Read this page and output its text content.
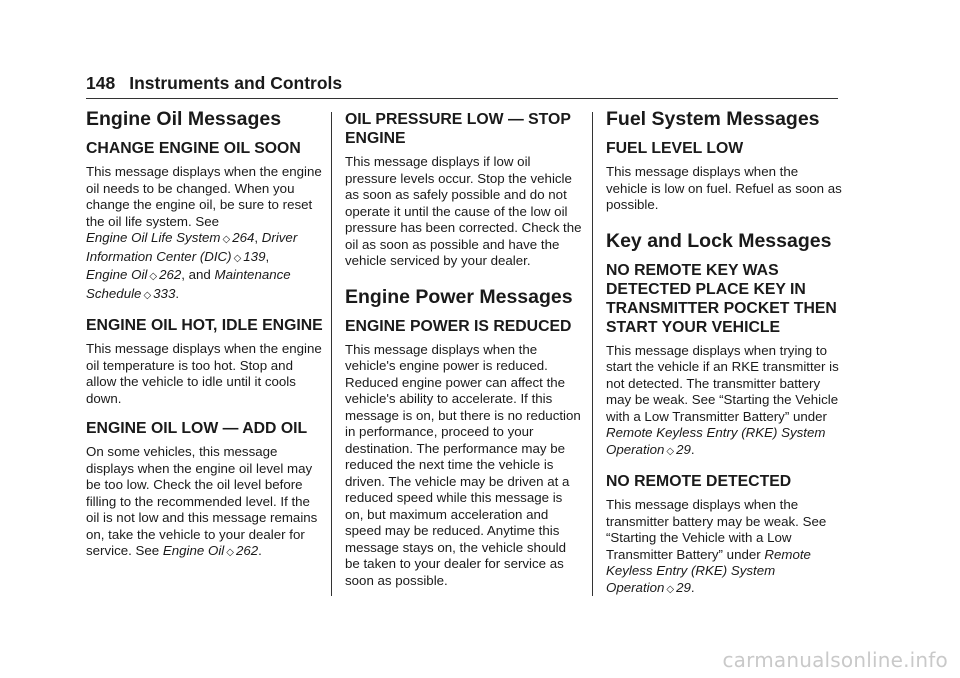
148 Instruments and Controls
Engine Oil Messages
CHANGE ENGINE OIL SOON

This message displays when the engine oil needs to be changed. When you change the engine oil, be sure to reset the oil life system. See
Engine Oil Life System ◇ 264, Driver Information Center (DIC) ◇ 139,
Engine Oil ◇ 262, and Maintenance Schedule ◇ 333.

ENGINE OIL HOT, IDLE ENGINE

This message displays when the engine oil temperature is too hot. Stop and allow the vehicle to idle until it cools down.

ENGINE OIL LOW — ADD OIL

On some vehicles, this message displays when the engine oil level may be too low. Check the oil level before filling to the recommended level. If the oil is not low and this message remains on, take the vehicle to your dealer for service. See Engine Oil ◇ 262.

OIL PRESSURE LOW — STOP ENGINE

This message displays if low oil pressure levels occur. Stop the vehicle as soon as safely possible and do not operate it until the cause of the low oil pressure has been corrected. Check the oil as soon as possible and have the vehicle serviced by your dealer.

Engine Power Messages
ENGINE POWER IS REDUCED

This message displays when the vehicle's engine power is reduced. Reduced engine power can affect the vehicle's ability to accelerate. If this message is on, but there is no reduction in performance, proceed to your destination. The performance may be reduced the next time the vehicle is driven. The vehicle may be driven at a reduced speed while this message is on, but maximum acceleration and speed may be reduced. Anytime this message stays on, the vehicle should be taken to your dealer for service as soon as possible.

Fuel System Messages
FUEL LEVEL LOW

This message displays when the vehicle is low on fuel. Refuel as soon as possible.

Key and Lock Messages
NO REMOTE KEY WAS DETECTED PLACE KEY IN TRANSMITTER POCKET THEN START YOUR VEHICLE

This message displays when trying to start the vehicle if an RKE transmitter is not detected. The transmitter battery may be weak. See “Starting the Vehicle with a Low Transmitter Battery” under Remote Keyless Entry (RKE) System Operation ◇ 29.

NO REMOTE DETECTED

This message displays when the transmitter battery may be weak. See “Starting the Vehicle with a Low Transmitter Battery” under Remote Keyless Entry (RKE) System Operation ◇ 29.

carmanualsonline.info
